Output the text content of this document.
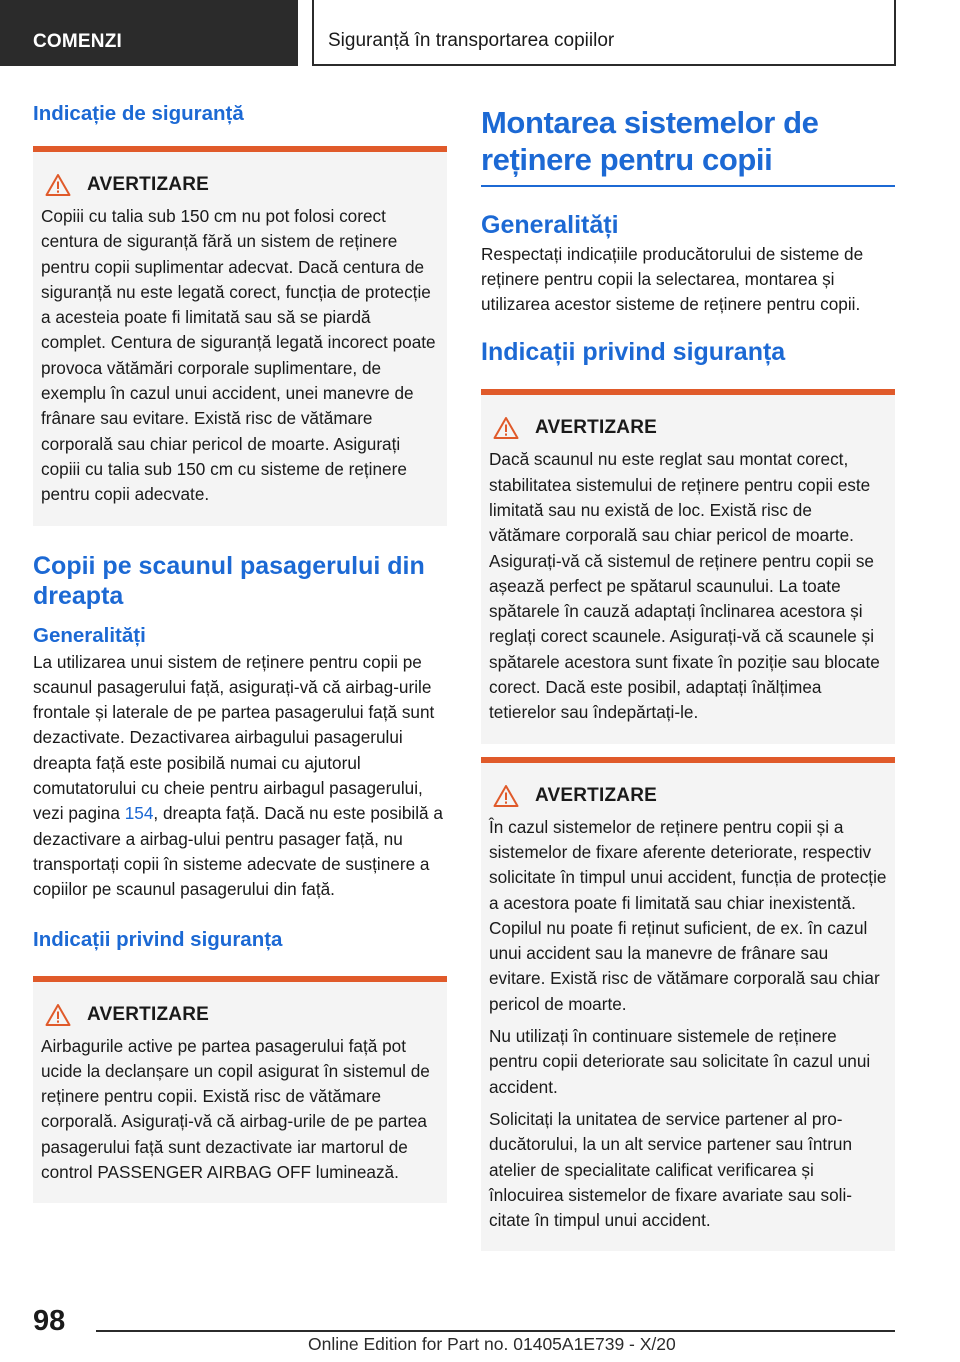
COMENZI	Siguranță în transportarea copiilor
Indicație de siguranță
AVERTIZARE
Copiii cu talia sub 150 cm nu pot folosi corect centura de siguranță fără un sistem de reținere pentru copii suplimentar adecvat. Dacă centura de siguranță nu este legată corect, funcția de protecție a acesteia poate fi limitată sau să se piardă complet. Centura de siguranță legată incorect poate provoca vătămări corporale suplimentare, de exemplu în cazul unui accident, unei manevre de frânare sau evitare. Există risc de vătămare corporală sau chiar pericol de moarte. Asigurați copiii cu talia sub 150 cm cu sisteme de reținere pentru copii adecvate.
Copii pe scaunul pasagerului din dreapta
Generalități
La utilizarea unui sistem de reținere pentru copii pe scaunul pasagerului față, asigurați-vă că airbag-urile frontale și laterale de pe partea pasagerului față sunt dezactivate. Dezactivarea airbagului pasagerului dreapta față este posibilă numai cu ajutorul comutatorului cu cheie pentru airbagul pasagerului, vezi pagina 154, dreapta față. Dacă nu este posibilă a dezactivare a airbag-ului pentru pasager față, nu transportați copii în sisteme adecvate de susținere a copiilor pe scaunul pasagerului din față.
Indicații privind siguranța
AVERTIZARE
Airbagurile active pe partea pasagerului față pot ucide la declanșare un copil asigurat în sistemul de reținere pentru copii. Există risc de vătămare corporală. Asigurați-vă că airbag-urile de pe partea pasagerului față sunt dezactivate iar martorul de control PASSENGER AIRBAG OFF luminează.
Montarea sistemelor de reținere pentru copii
Generalități
Respectați indicațiile producătorului de sisteme de reținere pentru copii la selectarea, montarea și utilizarea acestor sisteme de reținere pentru copii.
Indicații privind siguranța
AVERTIZARE
Dacă scaunul nu este reglat sau montat corect, stabilitatea sistemului de reținere pentru copii este limitată sau nu există de loc. Există risc de vătămare corporală sau chiar pericol de moarte. Asigurați-vă că sistemul de reținere pentru copii se așează perfect pe spătarul scaunului. La toate spătarele în cauză adaptați înclinarea acestora și reglați corect scaunele. Asigurați-vă că scaunele și spătarele acestora sunt fixate în poziție sau blocate corect. Dacă este posibil, adaptați înălțimea tetierelor sau îndepărtați-le.
AVERTIZARE
În cazul sistemelor de reținere pentru copii și a sistemelor de fixare aferente deteriorate, respectiv solicitate în timpul unui accident, funcția de protecție a acestora poate fi limitată sau chiar inexistentă. Copilul nu poate fi reținut suficient, de ex. în cazul unui accident sau la manevre de frânare sau evitare. Există risc de vătămare corporală sau chiar pericol de moarte.
Nu utilizați în continuare sistemele de reținere pentru copii deteriorate sau solicitate în cazul unui accident.
Solicitați la unitatea de service partener al producătorului, la un alt service partener sau întrun atelier de specialitate calificat verificarea și înlocuirea sistemelor de fixare avariate sau solicitate în timpul unui accident.
98
Online Edition for Part no. 01405A1E739 - X/20
